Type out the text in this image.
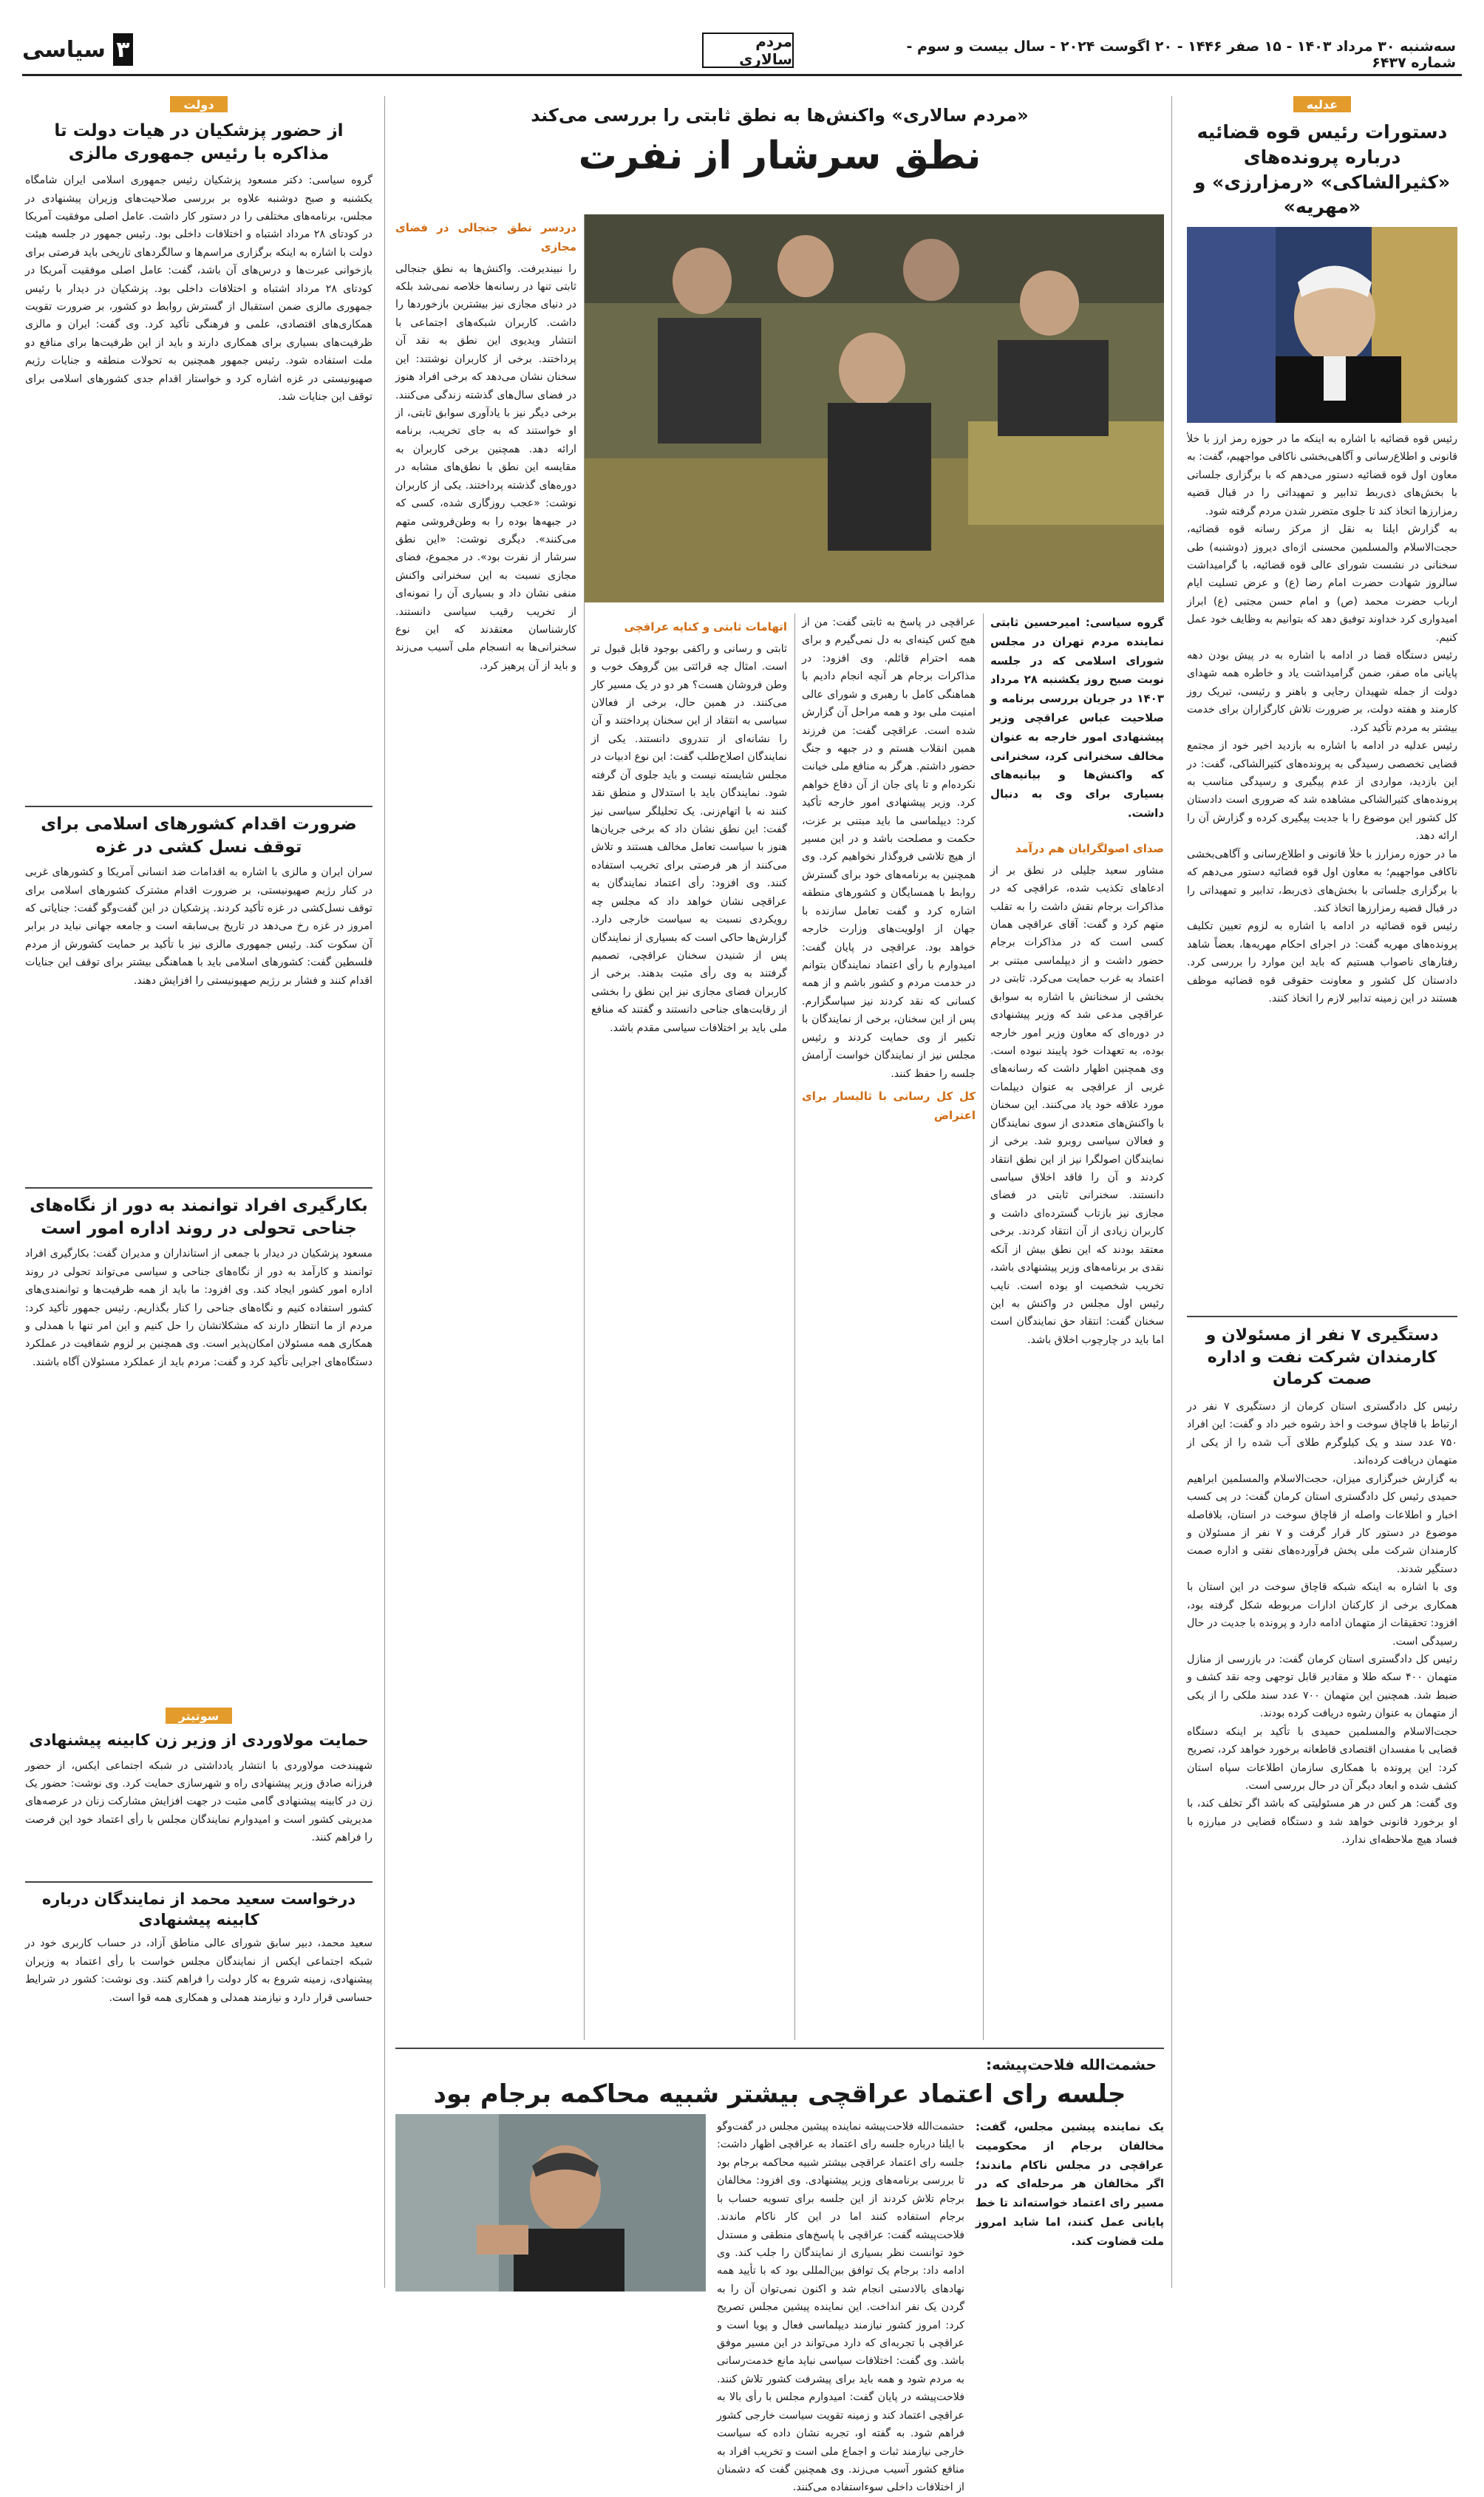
۳
سیاسی	مردم سالاری
سه‌شنبه ۳۰ مرداد ۱۴۰۳ - ۱۵ صفر ۱۴۴۶ - ۲۰ اگوست ۲۰۲۴ - سال بیست و سوم - شماره ۶۴۳۷
عدلیه
دستورات رئیس قوه قضائیه درباره پرونده‌های «کثیرالشاکی» «رمزارزی» و «مهریه»

رئیس قوه قضائیه با اشاره به اینکه ما در حوزه رمز ارز با خلأ قانونی و اطلاع‌رسانی و آگاهی‌بخشی ناکافی مواجهیم، گفت: به معاون اول قوه قضائیه دستور می‌دهم که با برگزاری جلساتی با بخش‌های ذی‌ربط تدابیر و تمهیداتی را در قبال قضیه رمزارزها اتخاذ کند تا جلوی متضرر شدن مردم گرفته شود.

به گزارش ایلنا به نقل از مرکز رسانه قوه قضائیه، حجت‌الاسلام والمسلمین محسنی اژه‌ای دیروز (دوشنبه) طی سخنانی در نشست شورای عالی قوه قضائیه، با گرامیداشت سالروز شهادت حضرت امام رضا (ع) و عرض تسلیت ایام ارباب حضرت محمد (ص) و امام حسن مجتبی (ع) ابراز امیدواری کرد خداوند توفیق دهد که بتوانیم به وظایف خود عمل کنیم.

رئیس دستگاه قضا در ادامه با اشاره به در پیش بودن دهه پایانی ماه صفر، ضمن گرامیداشت یاد و خاطره همه شهدای دولت از جمله شهیدان رجایی و باهنر و رئیسی، تبریک روز کارمند و هفته دولت، بر ضرورت تلاش کارگزاران برای خدمت بیشتر به مردم تأکید کرد.

رئیس عدلیه در ادامه با اشاره به بازدید اخیر خود از مجتمع قضایی تخصصی رسیدگی به پرونده‌های کثیرالشاکی، گفت: در این بازدید، مواردی از عدم پیگیری و رسیدگی مناسب به پرونده‌های کثیرالشاکی مشاهده شد که ضروری است دادستان کل کشور این موضوع را با جدیت پیگیری کرده و گزارش آن را ارائه دهد.

ما در حوزه رمزارز با خلأ قانونی و اطلاع‌رسانی و آگاهی‌بخشی ناکافی مواجهیم؛ به معاون اول قوه قضائیه دستور می‌دهم که با برگزاری جلساتی با بخش‌های ذی‌ربط، تدابیر و تمهیداتی را در قبال قضیه رمزارزها اتخاذ کند.

رئیس قوه قضائیه در ادامه با اشاره به لزوم تعیین تکلیف پرونده‌های مهریه گفت: در اجرای احکام مهریه‌ها، بعضاً شاهد رفتارهای ناصواب هستیم که باید این موارد را بررسی کرد. دادستان کل کشور و معاونت حقوقی قوه قضائیه موظف هستند در این زمینه تدابیر لازم را اتخاذ کنند.

دستگیری ۷ نفر از مسئولان و کارمندان شرکت نفت و اداره صمت کرمان

رئیس کل دادگستری استان کرمان از دستگیری ۷ نفر در ارتباط با قاچاق سوخت و اخذ رشوه خبر داد و گفت: این افراد ۷۵۰ عدد سند و یک کیلوگرم طلای آب شده را از یکی از متهمان دریافت کرده‌اند.

به گزارش خبرگزاری میزان، حجت‌الاسلام والمسلمین ابراهیم حمیدی رئیس کل دادگستری استان کرمان گفت: در پی کسب اخبار و اطلاعات واصله از قاچاق سوخت در استان، بلافاصله موضوع در دستور کار قرار گرفت و ۷ نفر از مسئولان و کارمندان شرکت ملی پخش فرآورده‌های نفتی و اداره صمت دستگیر شدند.

وی با اشاره به اینکه شبکه قاچاق سوخت در این استان با همکاری برخی از کارکنان ادارات مربوطه شکل گرفته بود، افزود: تحقیقات از متهمان ادامه دارد و پرونده با جدیت در حال رسیدگی است.

رئیس کل دادگستری استان کرمان گفت: در بازرسی از منازل متهمان ۴۰۰ سکه طلا و مقادیر قابل توجهی وجه نقد کشف و ضبط شد. همچنین این متهمان ۷۰۰ عدد سند ملکی را از یکی از متهمان به عنوان رشوه دریافت کرده بودند.

حجت‌الاسلام والمسلمین حمیدی با تأکید بر اینکه دستگاه قضایی با مفسدان اقتصادی قاطعانه برخورد خواهد کرد، تصریح کرد: این پرونده با همکاری سازمان اطلاعات سپاه استان کشف شده و ابعاد دیگر آن در حال بررسی است.

وی گفت: هر کس در هر مسئولیتی که باشد اگر تخلف کند، با او برخورد قانونی خواهد شد و دستگاه قضایی در مبارزه با فساد هیچ ملاحظه‌ای ندارد.

دولت
از حضور پزشکیان در هیات دولت تا مذاکره با رئیس جمهوری مالزی
گروه سیاسی: دکتر مسعود پزشکیان رئیس جمهوری اسلامی ایران شامگاه یکشنبه و صبح دوشنبه علاوه بر بررسی صلاحیت‌های وزیران پیشنهادی در مجلس، برنامه‌های مختلفی را در دستور کار داشت. عامل اصلی موفقیت آمریکا در کودتای ۲۸ مرداد اشتباه و اختلافات داخلی بود. رئیس جمهور در جلسه هیئت دولت با اشاره به اینکه برگزاری مراسم‌ها و سالگردهای تاریخی باید فرصتی برای بازخوانی عبرت‌ها و درس‌های آن باشد، گفت: عامل اصلی موفقیت آمریکا در کودتای ۲۸ مرداد اشتباه و اختلافات داخلی بود. پزشکیان در دیدار با رئیس جمهوری مالزی ضمن استقبال از گسترش روابط دو کشور، بر ضرورت تقویت همکاری‌های اقتصادی، علمی و فرهنگی تأکید کرد. وی گفت: ایران و مالزی ظرفیت‌های بسیاری برای همکاری دارند و باید از این ظرفیت‌ها برای منافع دو ملت استفاده شود. رئیس جمهور همچنین به تحولات منطقه و جنایات رژیم صهیونیستی در غزه اشاره کرد و خواستار اقدام جدی کشورهای اسلامی برای توقف این جنایات شد.
ضرورت اقدام کشورهای اسلامی برای توقف نسل کشی در غزه
سران ایران و مالزی با اشاره به اقدامات ضد انسانی آمریکا و کشورهای غربی در کنار رژیم صهیونیستی، بر ضرورت اقدام مشترک کشورهای اسلامی برای توقف نسل‌کشی در غزه تأکید کردند. پزشکیان در این گفت‌وگو گفت: جنایاتی که امروز در غزه رخ می‌دهد در تاریخ بی‌سابقه است و جامعه جهانی نباید در برابر آن سکوت کند. رئیس جمهوری مالزی نیز با تأکید بر حمایت کشورش از مردم فلسطین گفت: کشورهای اسلامی باید با هماهنگی بیشتر برای توقف این جنایات اقدام کنند و فشار بر رژیم صهیونیستی را افزایش دهند.
بکارگیری افراد توانمند به دور از نگاه‌های جناحی تحولی در روند اداره امور است
مسعود پزشکیان در دیدار با جمعی از استانداران و مدیران گفت: بکارگیری افراد توانمند و کارآمد به دور از نگاه‌های جناحی و سیاسی می‌تواند تحولی در روند اداره امور کشور ایجاد کند. وی افزود: ما باید از همه ظرفیت‌ها و توانمندی‌های کشور استفاده کنیم و نگاه‌های جناحی را کنار بگذاریم. رئیس جمهور تأکید کرد: مردم از ما انتظار دارند که مشکلاتشان را حل کنیم و این امر تنها با همدلی و همکاری همه مسئولان امکان‌پذیر است. وی همچنین بر لزوم شفافیت در عملکرد دستگاه‌های اجرایی تأکید کرد و گفت: مردم باید از عملکرد مسئولان آگاه باشند.
سوتیتر
حمایت مولاوردی از وزیر زن کابینه پیشنهادی
شهیندخت مولاوردی با انتشار یادداشتی در شبکه اجتماعی ایکس، از حضور فرزانه صادق وزیر پیشنهادی راه و شهرسازی حمایت کرد. وی نوشت: حضور یک زن در کابینه پیشنهادی گامی مثبت در جهت افزایش مشارکت زنان در عرصه‌های مدیریتی کشور است و امیدوارم نمایندگان مجلس با رأی اعتماد خود این فرصت را فراهم کنند.
درخواست سعید محمد از نمایندگان درباره کابینه پیشنهادی
سعید محمد، دبیر سابق شورای عالی مناطق آزاد، در حساب کاربری خود در شبکه اجتماعی ایکس از نمایندگان مجلس خواست با رأی اعتماد به وزیران پیشنهادی، زمینه شروع به کار دولت را فراهم کنند. وی نوشت: کشور در شرایط حساسی قرار دارد و نیازمند همدلی و همکاری همه قوا است.
«مردم سالاری» واکنش‌ها به نطق ثابتی را بررسی می‌کند
نطق سرشار از نفرت
گروه سیاسی: امیرحسین ثابتی نماینده مردم تهران در مجلس شورای اسلامی که در جلسه نوبت صبح روز یکشنبه ۲۸ مرداد ۱۴۰۳ در جریان بررسی برنامه و صلاحیت عباس عراقچی وزیر پیشنهادی امور خارجه به عنوان مخالف سخنرانی کرد، سخنرانی که واکنش‌ها و بیانیه‌های بسیاری برای وی به دنبال داشت.
صدای اصولگرایان هم درآمد
مشاور سعید جلیلی در نطق بر از ادعاهای تکذیب شده، عراقچی که در مذاکرات برجام نقش داشت را به تقلب متهم کرد و گفت: آقای عراقچی همان کسی است که در مذاکرات برجام حضور داشت و از دیپلماسی مبتنی بر اعتماد به غرب حمایت می‌کرد. ثابتی در بخشی از سخنانش با اشاره به سوابق عراقچی مدعی شد که وزیر پیشنهادی در دوره‌ای که معاون وزیر امور خارجه بوده، به تعهدات خود پایبند نبوده است. وی همچنین اظهار داشت که رسانه‌های غربی از عراقچی به عنوان دیپلمات مورد علاقه خود یاد می‌کنند. این سخنان با واکنش‌های متعددی از سوی نمایندگان و فعالان سیاسی روبرو شد. برخی از نمایندگان اصولگرا نیز از این نطق انتقاد کردند و آن را فاقد اخلاق سیاسی دانستند. سخنرانی ثابتی در فضای مجازی نیز بازتاب گسترده‌ای داشت و کاربران زیادی از آن انتقاد کردند. برخی معتقد بودند که این نطق بیش از آنکه نقدی بر برنامه‌های وزیر پیشنهادی باشد، تخریب شخصیت او بوده است. نایب رئیس اول مجلس در واکنش به این سخنان گفت: انتقاد حق نمایندگان است اما باید در چارچوب اخلاق باشد.
عراقچی در پاسخ به ثابتی گفت: من از هیچ کس کینه‌ای به دل نمی‌گیرم و برای همه احترام قائلم. وی افزود: در مذاکرات برجام هر آنچه انجام دادیم با هماهنگی کامل با رهبری و شورای عالی امنیت ملی بود و همه مراحل آن گزارش شده است. عراقچی گفت: من فرزند همین انقلاب هستم و در جبهه و جنگ حضور داشتم. هرگز به منافع ملی خیانت نکرده‌ام و تا پای جان از آن دفاع خواهم کرد. وزیر پیشنهادی امور خارجه تأکید کرد: دیپلماسی ما باید مبتنی بر عزت، حکمت و مصلحت باشد و در این مسیر از هیچ تلاشی فروگذار نخواهیم کرد. وی همچنین به برنامه‌های خود برای گسترش روابط با همسایگان و کشورهای منطقه اشاره کرد و گفت تعامل سازنده با جهان از اولویت‌های وزارت خارجه خواهد بود. عراقچی در پایان گفت: امیدوارم با رأی اعتماد نمایندگان بتوانم در خدمت مردم و کشور باشم و از همه کسانی که نقد کردند نیز سپاسگزارم. پس از این سخنان، برخی از نمایندگان با تکبیر از وی حمایت کردند و رئیس مجلس نیز از نمایندگان خواست آرامش جلسه را حفظ کنند.
کل کل رسانی با ثالیسار برای اعتراض
اتهامات ثابتی و کنایه عراقچی
ثابتی و رسانی و راکفی بوجود قابل قبول تر است. امثال چه قرائتی بین گروهک خوب و وطن فروشان هست؟ هر دو در یک مسیر کار می‌کنند. در همین حال، برخی از فعالان سیاسی به انتقاد از این سخنان پرداختند و آن را نشانه‌ای از تندروی دانستند. یکی از نمایندگان اصلاح‌طلب گفت: این نوع ادبیات در مجلس شایسته نیست و باید جلوی آن گرفته شود. نمایندگان باید با استدلال و منطق نقد کنند نه با اتهام‌زنی. یک تحلیلگر سیاسی نیز گفت: این نطق نشان داد که برخی جریان‌ها هنوز با سیاست تعامل مخالف هستند و تلاش می‌کنند از هر فرصتی برای تخریب استفاده کنند. وی افزود: رأی اعتماد نمایندگان به عراقچی نشان خواهد داد که مجلس چه رویکردی نسبت به سیاست خارجی دارد. گزارش‌ها حاکی است که بسیاری از نمایندگان پس از شنیدن سخنان عراقچی، تصمیم گرفتند به وی رأی مثبت بدهند. برخی از کاربران فضای مجازی نیز این نطق را بخشی از رقابت‌های جناحی دانستند و گفتند که منافع ملی باید بر اختلافات سیاسی مقدم باشد.
دردسر نطق جنجالی در فضای مجازی
را نبیندیرفت. واکنش‌ها به نطق جنجالی ثابتی تنها در رسانه‌ها خلاصه نمی‌شد بلکه در دنیای مجازی نیز بیشترین بازخوردها را داشت. کاربران شبکه‌های اجتماعی با انتشار ویدیوی این نطق به نقد آن پرداختند. برخی از کاربران نوشتند: این سخنان نشان می‌دهد که برخی افراد هنوز در فضای سال‌های گذشته زندگی می‌کنند. برخی دیگر نیز با یادآوری سوابق ثابتی، از او خواستند که به جای تخریب، برنامه ارائه دهد. همچنین برخی کاربران به مقایسه این نطق با نطق‌های مشابه در دوره‌های گذشته پرداختند. یکی از کاربران نوشت: «عجب روزگاری شده، کسی که در جبهه‌ها بوده را به وطن‌فروشی متهم می‌کنند». دیگری نوشت: «این نطق سرشار از نفرت بود». در مجموع، فضای مجازی نسبت به این سخنرانی واکنش منفی نشان داد و بسیاری آن را نمونه‌ای از تخریب رقیب سیاسی دانستند. کارشناسان معتقدند که این نوع سخنرانی‌ها به انسجام ملی آسیب می‌زند و باید از آن پرهیز کرد.
حشمت‌الله فلاحت‌پیشه:
جلسه رای اعتماد عراقچی بیشتر شبیه محاکمه برجام بود
یک نماینده پیشین مجلس، گفت: مخالفان برجام از محکومیت عراقچی در مجلس ناکام ماندند؛ اگر مخالفان هر مرحله‌ای که در مسیر رای اعتماد خواسته‌اند تا خط پایانی عمل کنند، اما شاید امروز ملت قضاوت کند.
حشمت‌الله فلاحت‌پیشه نماینده پیشین مجلس در گفت‌وگو با ایلنا درباره جلسه رای اعتماد به عراقچی اظهار داشت: جلسه رای اعتماد عراقچی بیشتر شبیه محاکمه برجام بود تا بررسی برنامه‌های وزیر پیشنهادی. وی افزود: مخالفان برجام تلاش کردند از این جلسه برای تسویه حساب با برجام استفاده کنند اما در این کار ناکام ماندند. فلاحت‌پیشه گفت: عراقچی با پاسخ‌های منطقی و مستدل خود توانست نظر بسیاری از نمایندگان را جلب کند. وی ادامه داد: برجام یک توافق بین‌المللی بود که با تأیید همه نهادهای بالادستی انجام شد و اکنون نمی‌توان آن را به گردن یک نفر انداخت. این نماینده پیشین مجلس تصریح کرد: امروز کشور نیازمند دیپلماسی فعال و پویا است و عراقچی با تجربه‌ای که دارد می‌تواند در این مسیر موفق باشد. وی گفت: اختلافات سیاسی نباید مانع خدمت‌رسانی به مردم شود و همه باید برای پیشرفت کشور تلاش کنند. فلاحت‌پیشه در پایان گفت: امیدوارم مجلس با رأی بالا به عراقچی اعتماد کند و زمینه تقویت سیاست خارجی کشور فراهم شود. به گفته او، تجربه نشان داده که سیاست خارجی نیازمند ثبات و اجماع ملی است و تخریب افراد به منافع کشور آسیب می‌زند. وی همچنین گفت که دشمنان از اختلافات داخلی سوءاستفاده می‌کنند.
